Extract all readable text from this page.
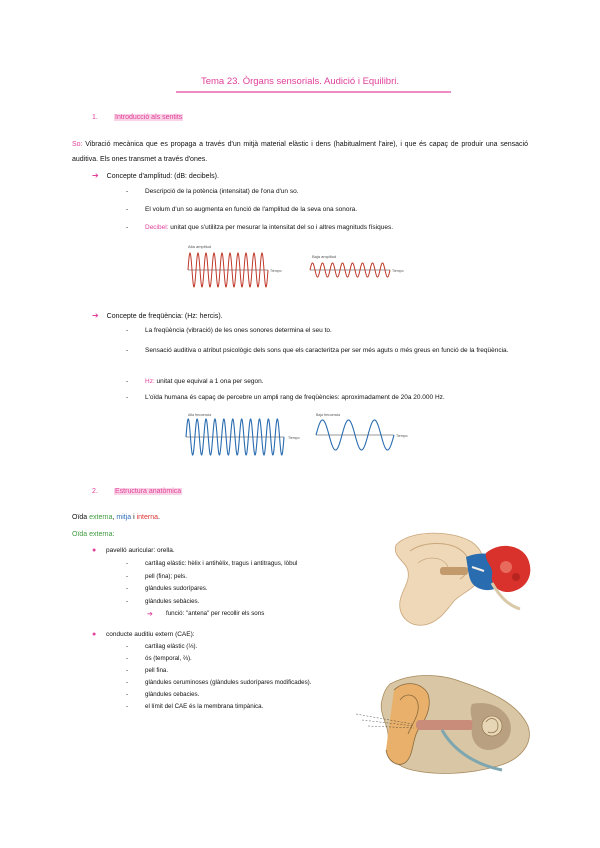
Tema 23. Òrgans sensorials. Audició i Equilibri.
1. Introducció als sentits
So: Vibració mecànica que es propaga a través d'un mitjà material elàstic i dens (habitualment l'aire), i que és capaç de produir una sensació auditiva. Els ones transmet a través d'ones.
➔ Concepte d'amplitud: (dB: decibels).
-	Descripció de la potència (intensitat) de l'ona d'un so.
-	El volum d'un so augmenta en funció de l'amplitud de la seva ona sonora.
-	Decibel: unitat que s'utilitza per mesurar la intensitat del so i altres magnituds físiques.
Alta amplitud
Tiempo
Baja amplitud
Tiempo
➔ Concepte de freqüència: (Hz: hercis).
-	La freqüència (vibració) de les ones sonores determina el seu to.
-	Sensació auditiva o atribut psicològic dels sons que els caracteritza per ser més aguts o més greus en funció de la freqüència.
-	Hz: unitat que equival a 1 ona per segon.
-	L'oïda humana és capaç de percebre un ampli rang de freqüències: aproximadament de 20a 20.000 Hz.
Alta frecuencia
Tiempo
Baja frecuencia
Tiempo
2. Estructura anatòmica
Oïda externa, mitja i interna.
Oïda externa:
● pavelló auricular: orella.
-	cartílag elàstic: hèlix i antihèlix, tragus i antitragus, lòbul
-	pell (fina); pels.
-	glàndules sudorípares.
-	glàndules sebàcies.
➔ funció: "antena" per recollir els sons
● conducte auditiu extern (CAE):
-	cartílag elàstic (⅓).
-	ós (temporal, ⅔).
-	pell fina.
-	glàndules ceruminoses (glàndules sudorípares modificades).
-	glàndules cebacies.
-	el límit del CAE és la membrana timpànica.
